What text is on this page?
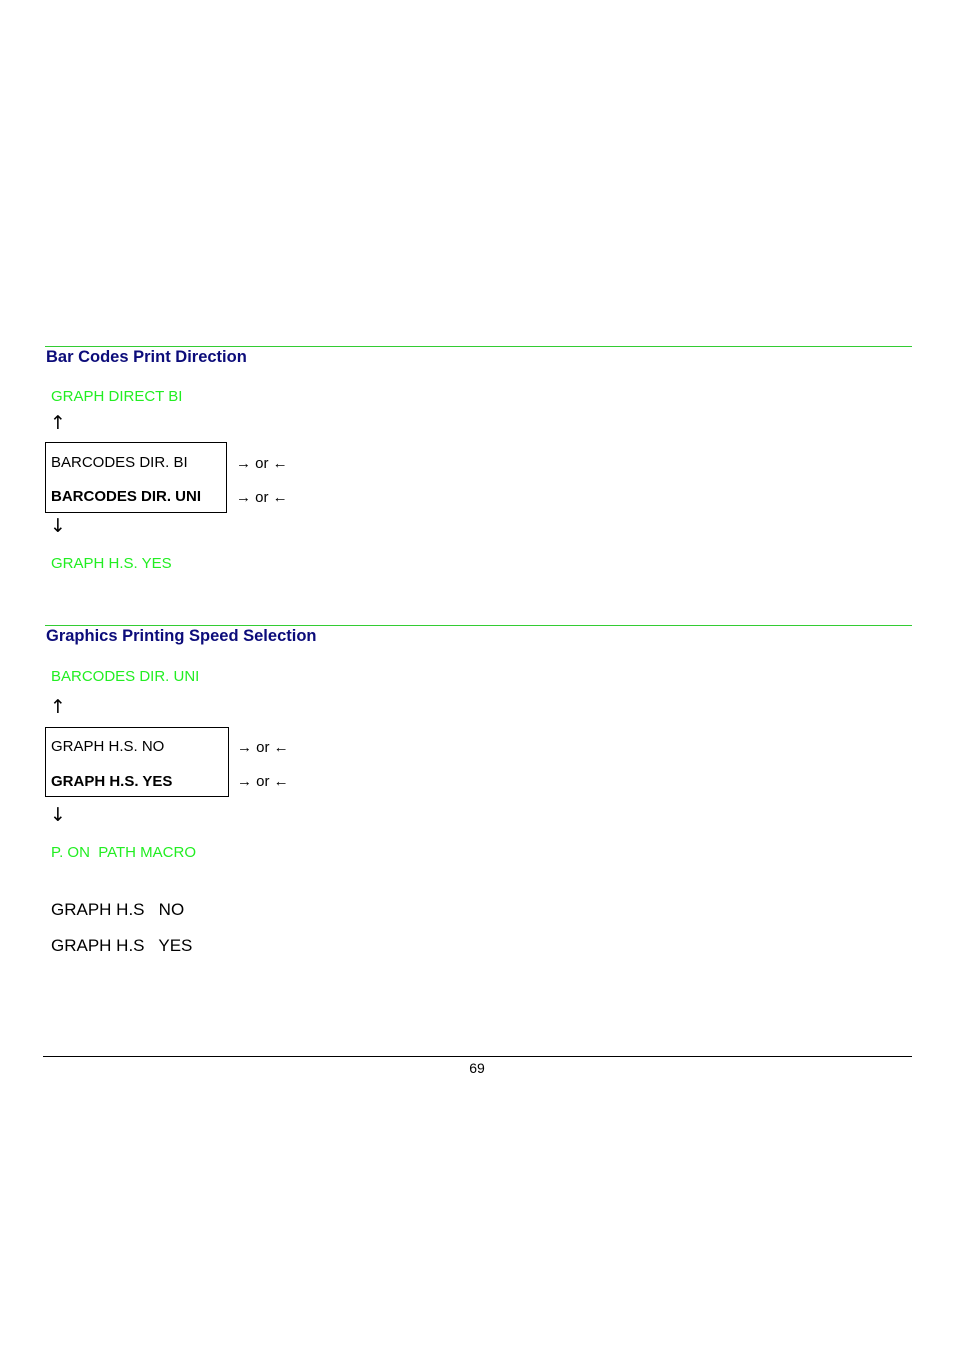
Bar Codes Print Direction
GRAPH DIRECT BI
↑
BARCODES DIR. BI	→ or ←
BARCODES DIR. UNI → or ←
↓
GRAPH H.S. YES
Graphics Printing Speed Selection
BARCODES DIR. UNI
↑
GRAPH H.S. NO	→ or ←
GRAPH H.S. YES	→ or ←
↓
P. ON  PATH MACRO
GRAPH H.S   NO
GRAPH H.S   YES
69
